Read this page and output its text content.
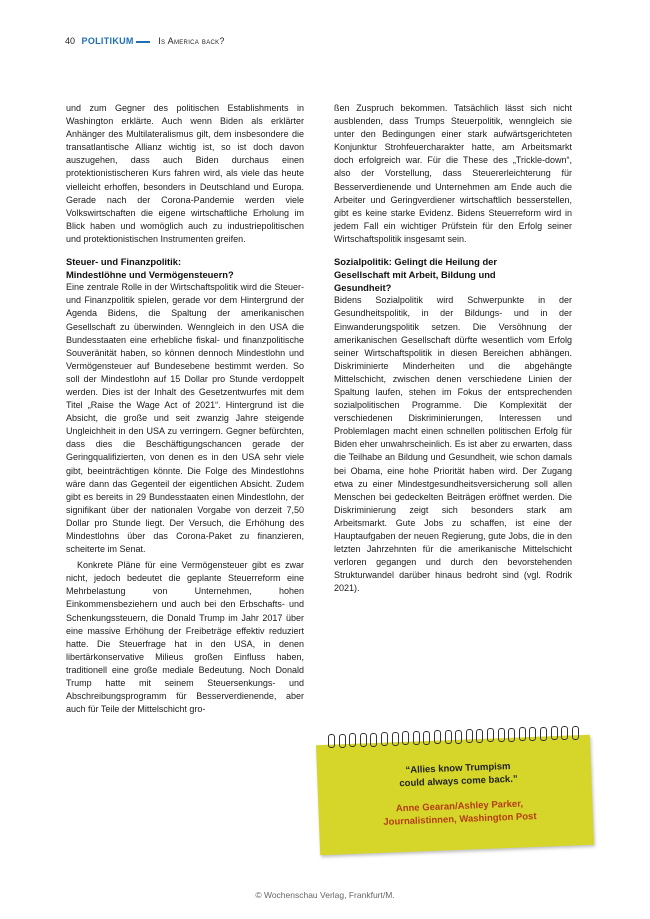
40 POLITIKUM	Is America back?

und zum Gegner des politischen Establishments in Washington erklärte. Auch wenn Biden als erklärter Anhänger des Multilateralismus gilt, dem insbesondere die transatlantische Allianz wichtig ist, so ist doch davon auszugehen, dass auch Biden durchaus einen protektionistischeren Kurs fahren wird, als viele das heute vielleicht erhoffen, besonders in Deutschland und Europa. Gerade nach der Corona-Pandemie werden viele Volkswirtschaften die eigene wirtschaftliche Erholung im Blick haben und womöglich auch zu industriepolitischen und protektionistischen Instrumenten greifen.

Steuer- und Finanzpolitik:
Mindestlöhne und Vermögensteuern?

Eine zentrale Rolle in der Wirtschaftspolitik wird die Steuer- und Finanzpolitik spielen, gerade vor dem Hintergrund der Agenda Bidens, die Spaltung der amerikanischen Gesellschaft zu überwinden. Wenngleich in den USA die Bundesstaaten eine erhebliche fiskal- und finanzpolitische Souveränität haben, so können dennoch Mindestlohn und Vermögensteuer auf Bundesebene bestimmt werden. So soll der Mindestlohn auf 15 Dollar pro Stunde verdoppelt werden. Dies ist der Inhalt des Gesetzentwurfes mit dem Titel „Raise the Wage Act of 2021“. Hintergrund ist die Absicht, die große und seit zwanzig Jahre steigende Ungleichheit in den USA zu verringern. Gegner befürchten, dass dies die Beschäftigungschancen gerade der Geringqualifizierten, von denen es in den USA sehr viele gibt, beeinträchtigen könnte. Die Folge des Mindestlohns wäre dann das Gegenteil der eigentlichen Absicht. Zudem gibt es bereits in 29 Bundesstaaten einen Mindestlohn, der signifikant über der nationalen Vorgabe von derzeit 7,50 Dollar pro Stunde liegt. Der Versuch, die Erhöhung des Mindestlohns über das Corona-Paket zu finanzieren, scheiterte im Senat.

Konkrete Pläne für eine Vermögensteuer gibt es zwar nicht, jedoch bedeutet die geplante Steuerreform eine Mehrbelastung von Unternehmen, hohen Einkommensbeziehern und auch bei den Erbschafts- und Schenkungssteuern, die Donald Trump im Jahr 2017 über eine massive Erhöhung der Freibeträge effektiv reduziert hatte. Die Steuerfrage hat in den USA, in denen libertärkonservative Milieus großen Einfluss haben, traditionell eine große mediale Bedeutung. Noch Donald Trump hatte mit seinem Steuersenkungs- und Abschreibungsprogramm für Besserverdienende, aber auch für Teile der Mittelschicht gro-

ßen Zuspruch bekommen. Tatsächlich lässt sich nicht ausblenden, dass Trumps Steuerpolitik, wenngleich sie unter den Bedingungen einer stark aufwärtsgerichteten Konjunktur Strohfeuercharakter hatte, am Arbeitsmarkt doch erfolgreich war. Für die These des „Trickle-down“, also der Vorstellung, dass Steuererleichterung für Besserverdienende und Unternehmen am Ende auch die Arbeiter und Geringverdiener wirtschaftlich besserstellen, gibt es keine starke Evidenz. Bidens Steuerreform wird in jedem Fall ein wichtiger Prüfstein für den Erfolg seiner Wirtschaftspolitik insgesamt sein.

Sozialpolitik: Gelingt die Heilung der
Gesellschaft mit Arbeit, Bildung und
Gesundheit?

Bidens Sozialpolitik wird Schwerpunkte in der Gesundheitspolitik, in der Bildungs- und in der Einwanderungspolitik setzen. Die Versöhnung der amerikanischen Gesellschaft dürfte wesentlich vom Erfolg seiner Wirtschaftspolitik in diesen Bereichen abhängen. Diskriminierte Minderheiten und die abgehängte Mittelschicht, zwischen denen verschiedene Linien der Spaltung laufen, stehen im Fokus der entsprechenden sozialpolitischen Programme. Die Komplexität der verschiedenen Diskriminierungen, Interessen und Problemlagen macht einen schnellen politischen Erfolg für Biden eher unwahrscheinlich. Es ist aber zu erwarten, dass die Teilhabe an Bildung und Gesundheit, wie schon damals bei Obama, eine hohe Priorität haben wird. Der Zugang etwa zu einer Mindestgesundheitsversicherung soll allen Menschen bei gedeckelten Beiträgen eröffnet werden. Die Diskriminierung zeigt sich besonders stark am Arbeitsmarkt. Gute Jobs zu schaffen, ist eine der Hauptaufgaben der neuen Regierung, gute Jobs, die in den letzten Jahrzehnten für die amerikanische Mittelschicht verloren gegangen und durch den bevorstehenden Strukturwandel darüber hinaus bedroht sind (vgl. Rodrik 2021).

“Allies know Trumpism
could always come back.”
Anne Gearan/Ashley Parker,
Journalistinnen, Washington Post
© Wochenschau Verlag, Frankfurt/M.
